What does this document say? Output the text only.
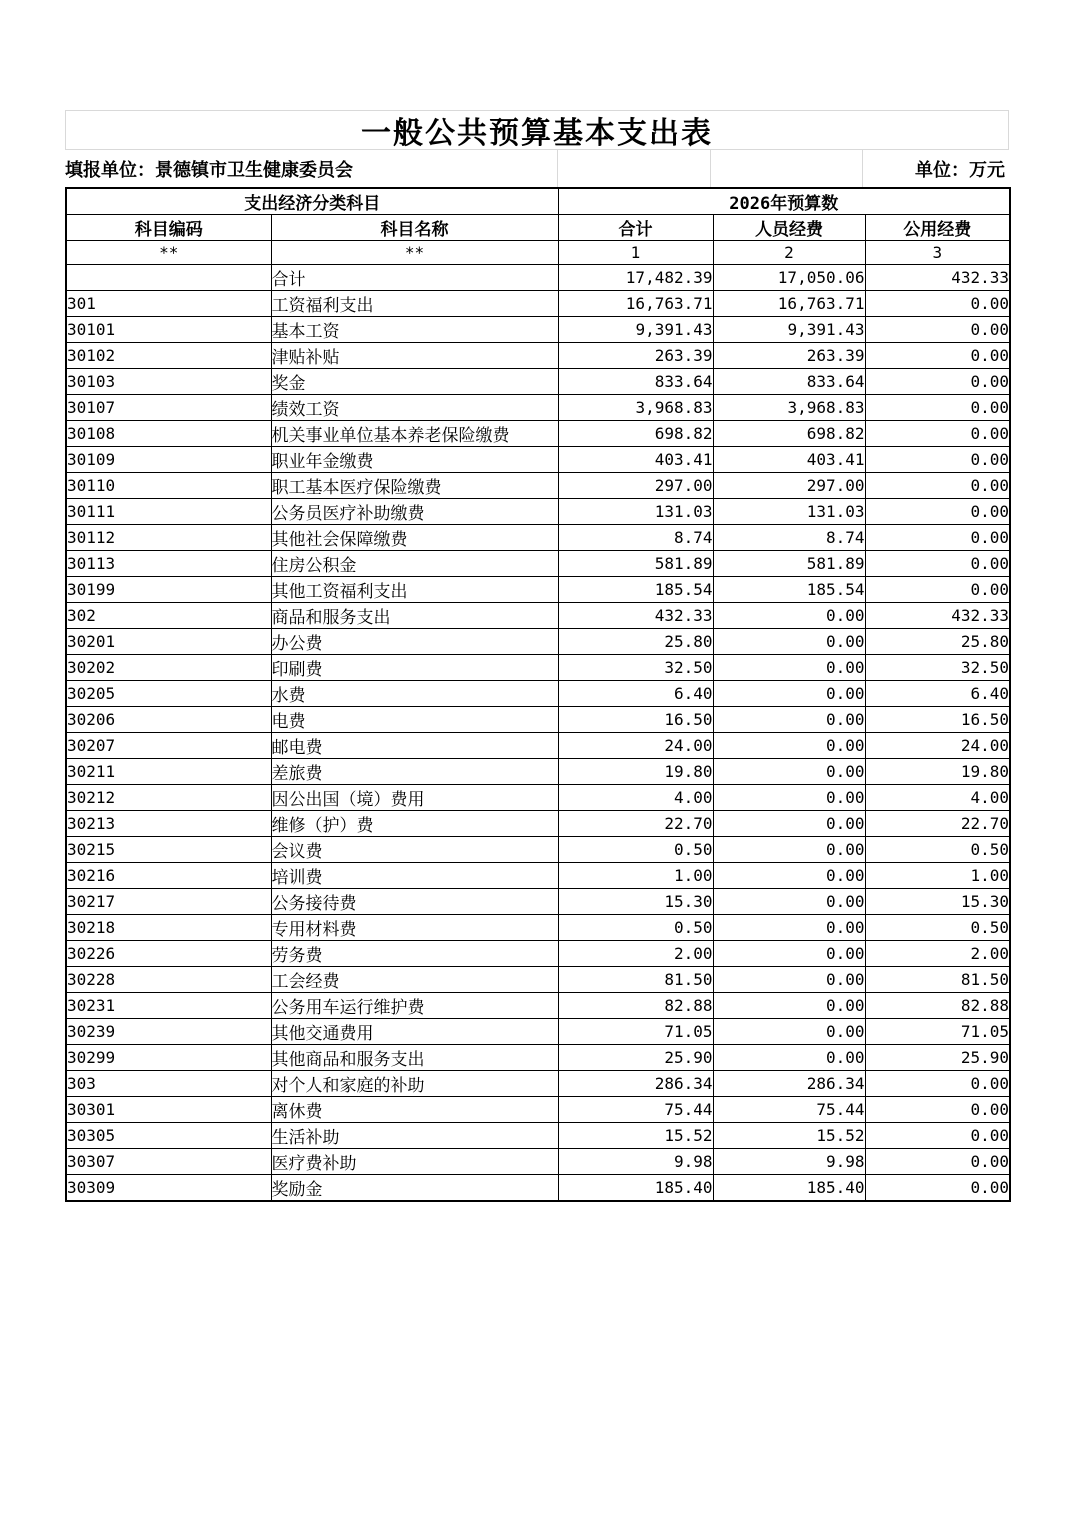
一般公共预算基本支出表
填报单位：景德镇市卫生健康委员会	单位：万元
支出经济分类科目		2026年预算数		
科目编码	科目名称	合计	人员经费	公用经费
**	**	1	2	3
	合计	17,482.39	17,050.06	432.33
301	工资福利支出	16,763.71	16,763.71	0.00
30101	基本工资	9,391.43	9,391.43	0.00
30102	津贴补贴	263.39	263.39	0.00
30103	奖金	833.64	833.64	0.00
30107	绩效工资	3,968.83	3,968.83	0.00
30108	机关事业单位基本养老保险缴费	698.82	698.82	0.00
30109	职业年金缴费	403.41	403.41	0.00
30110	职工基本医疗保险缴费	297.00	297.00	0.00
30111	公务员医疗补助缴费	131.03	131.03	0.00
30112	其他社会保障缴费	8.74	8.74	0.00
30113	住房公积金	581.89	581.89	0.00
30199	其他工资福利支出	185.54	185.54	0.00
302	商品和服务支出	432.33	0.00	432.33
30201	办公费	25.80	0.00	25.80
30202	印刷费	32.50	0.00	32.50
30205	水费	6.40	0.00	6.40
30206	电费	16.50	0.00	16.50
30207	邮电费	24.00	0.00	24.00
30211	差旅费	19.80	0.00	19.80
30212	因公出国（境）费用	4.00	0.00	4.00
30213	维修（护）费	22.70	0.00	22.70
30215	会议费	0.50	0.00	0.50
30216	培训费	1.00	0.00	1.00
30217	公务接待费	15.30	0.00	15.30
30218	专用材料费	0.50	0.00	0.50
30226	劳务费	2.00	0.00	2.00
30228	工会经费	81.50	0.00	81.50
30231	公务用车运行维护费	82.88	0.00	82.88
30239	其他交通费用	71.05	0.00	71.05
30299	其他商品和服务支出	25.90	0.00	25.90
303	对个人和家庭的补助	286.34	286.34	0.00
30301	离休费	75.44	75.44	0.00
30305	生活补助	15.52	15.52	0.00
30307	医疗费补助	9.98	9.98	0.00
30309	奖励金	185.40	185.40	0.00
